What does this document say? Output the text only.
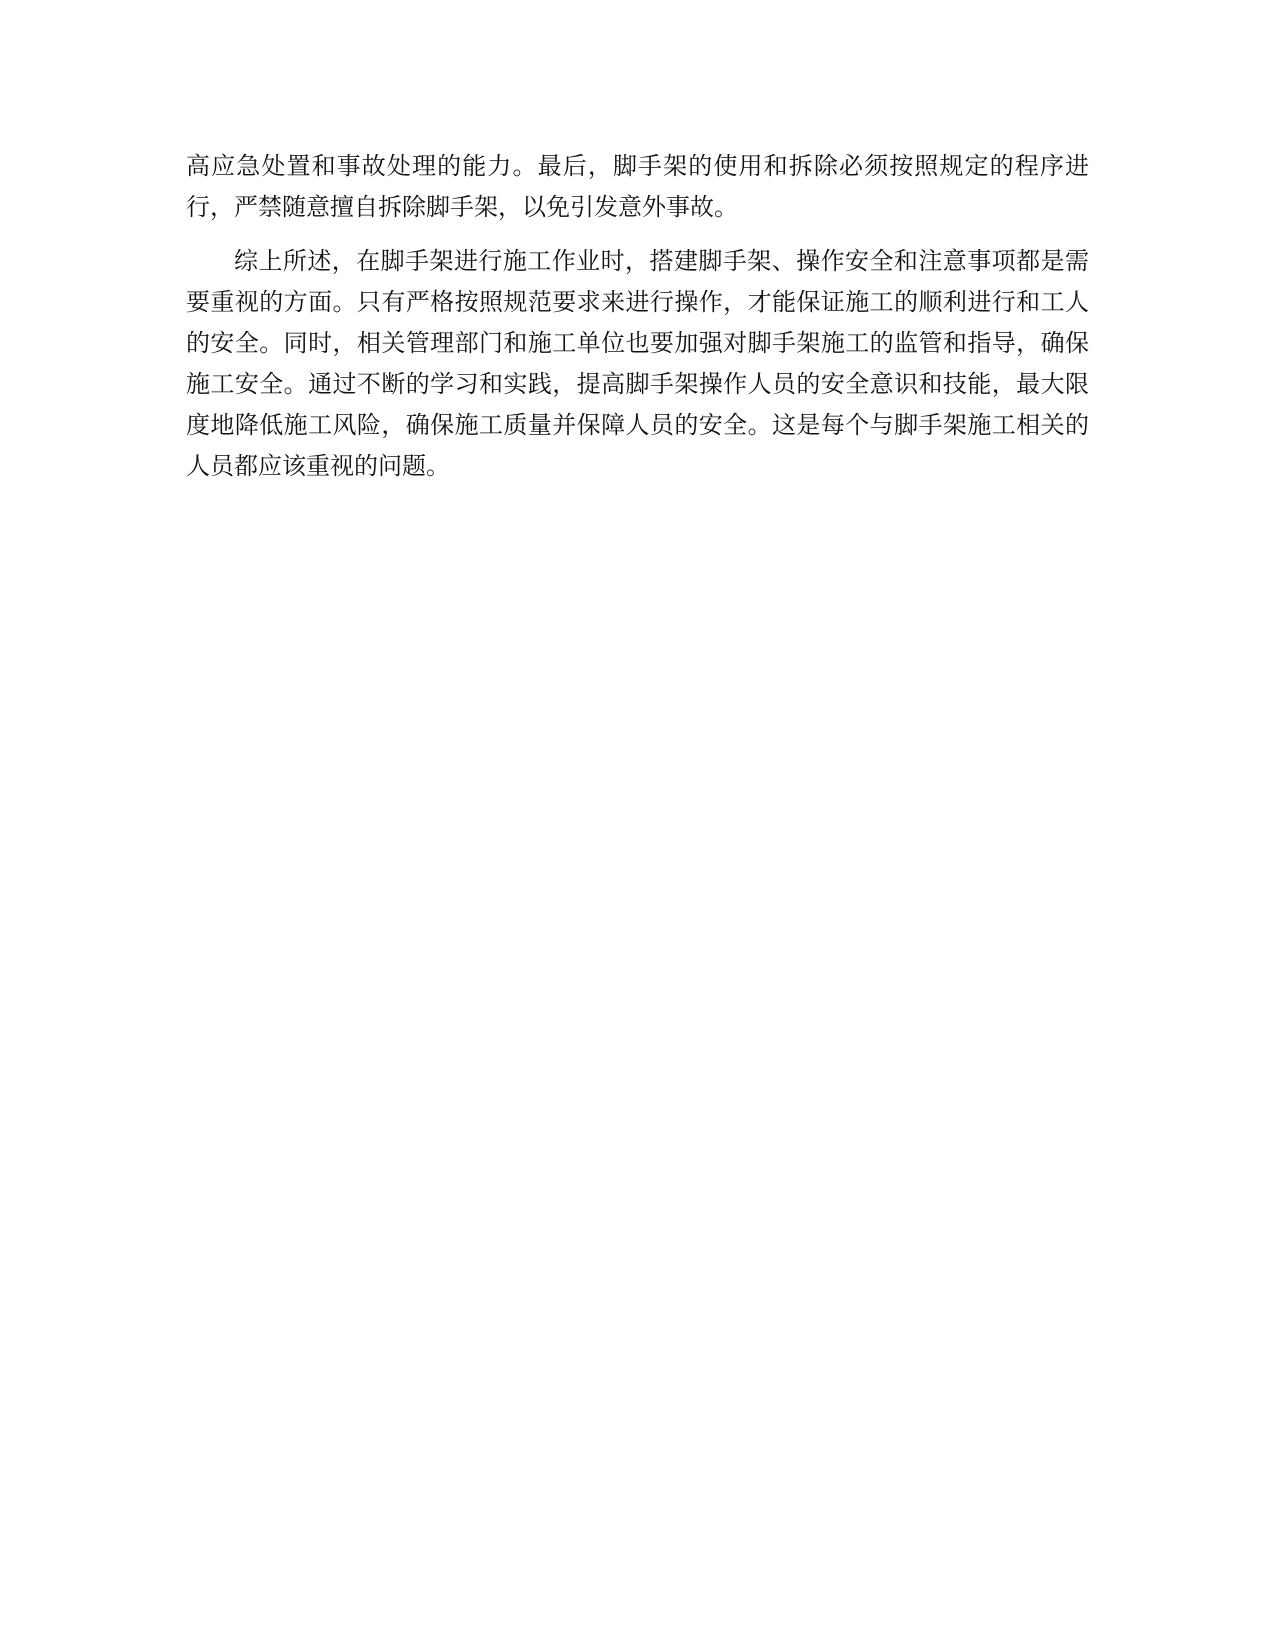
高应急处置和事故处理的能力。最后，脚手架的使用和拆除必须按照规定的程序进行，严禁随意擅自拆除脚手架，以免引发意外事故。

综上所述，在脚手架进行施工作业时，搭建脚手架、操作安全和注意事项都是需要重视的方面。只有严格按照规范要求来进行操作，才能保证施工的顺利进行和工人的安全。同时，相关管理部门和施工单位也要加强对脚手架施工的监管和指导，确保施工安全。通过不断的学习和实践，提高脚手架操作人员的安全意识和技能，最大限度地降低施工风险，确保施工质量并保障人员的安全。这是每个与脚手架施工相关的人员都应该重视的问题。
